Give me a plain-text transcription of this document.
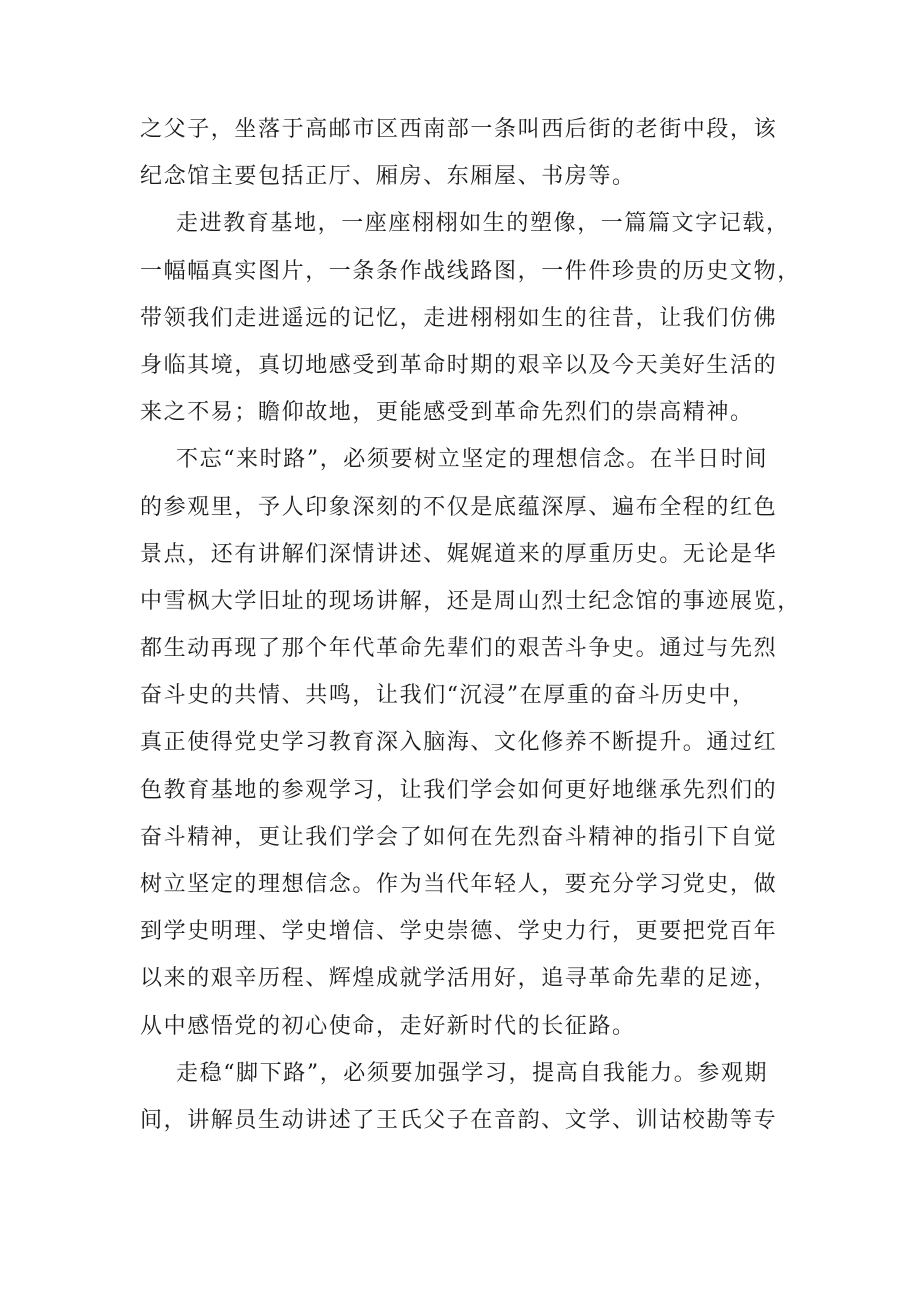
之父子，坐落于高邮市区西南部一条叫西后街的老街中段，该
纪念馆主要包括正厅、厢房、东厢屋、书房等。
走进教育基地，一座座栩栩如生的塑像，一篇篇文字记载，
一幅幅真实图片，一条条作战线路图，一件件珍贵的历史文物，
带领我们走进遥远的记忆，走进栩栩如生的往昔，让我们仿佛
身临其境，真切地感受到革命时期的艰辛以及今天美好生活的
来之不易；瞻仰故地，更能感受到革命先烈们的崇高精神。
不忘“来时路”，必须要树立坚定的理想信念。在半日时间
的参观里，予人印象深刻的不仅是底蕴深厚、遍布全程的红色
景点，还有讲解们深情讲述、娓娓道来的厚重历史。无论是华
中雪枫大学旧址的现场讲解，还是周山烈士纪念馆的事迹展览，
都生动再现了那个年代革命先辈们的艰苦斗争史。通过与先烈
奋斗史的共情、共鸣，让我们“沉浸”在厚重的奋斗历史中，
真正使得党史学习教育深入脑海、文化修养不断提升。通过红
色教育基地的参观学习，让我们学会如何更好地继承先烈们的
奋斗精神，更让我们学会了如何在先烈奋斗精神的指引下自觉
树立坚定的理想信念。作为当代年轻人，要充分学习党史，做
到学史明理、学史增信、学史崇德、学史力行，更要把党百年
以来的艰辛历程、辉煌成就学活用好，追寻革命先辈的足迹，
从中感悟党的初心使命，走好新时代的长征路。
走稳“脚下路”，必须要加强学习，提高自我能力。参观期
间，讲解员生动讲述了王氏父子在音韵、文学、训诂校勘等专
